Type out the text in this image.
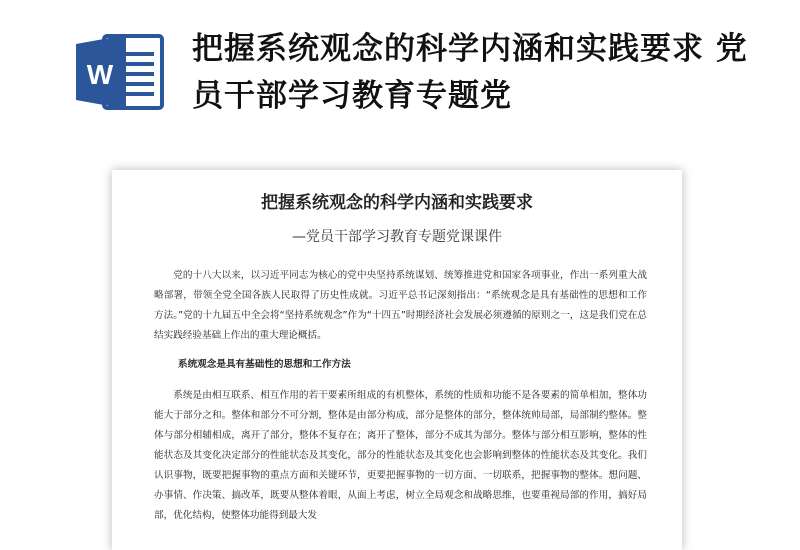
W
把握系统观念的科学内涵和实践要求 党员干部学习教育专题党
把握系统观念的科学内涵和实践要求
—党员干部学习教育专题党课课件

党的十八大以来，以习近平同志为核心的党中央坚持系统谋划、统筹推进党和国家各项事业，作出一系列重大战略部署，带领全党全国各族人民取得了历史性成就。习近平总书记深刻指出：“系统观念是具有基础性的思想和工作方法。”党的十九届五中全会将“坚持系统观念”作为“十四五”时期经济社会发展必须遵循的原则之一，这是我们党在总结实践经验基础上作出的重大理论概括。

系统观念是具有基础性的思想和工作方法

系统是由相互联系、相互作用的若干要素所组成的有机整体，系统的性质和功能不是各要素的简单相加，整体功能大于部分之和。整体和部分不可分割，整体是由部分构成，部分是整体的部分，整体统帅局部，局部制约整体。整体与部分相辅相成，离开了部分，整体不复存在；离开了整体，部分不成其为部分。整体与部分相互影响，整体的性能状态及其变化决定部分的性能状态及其变化，部分的性能状态及其变化也会影响到整体的性能状态及其变化。我们认识事物，既要把握事物的重点方面和关键环节，更要把握事物的一切方面、一切联系，把握事物的整体。想问题、办事情、作决策、搞改革，既要从整体着眼，从面上考虑，树立全局观念和战略思维，也要重视局部的作用，搞好局部，优化结构，使整体功能得到最大发
